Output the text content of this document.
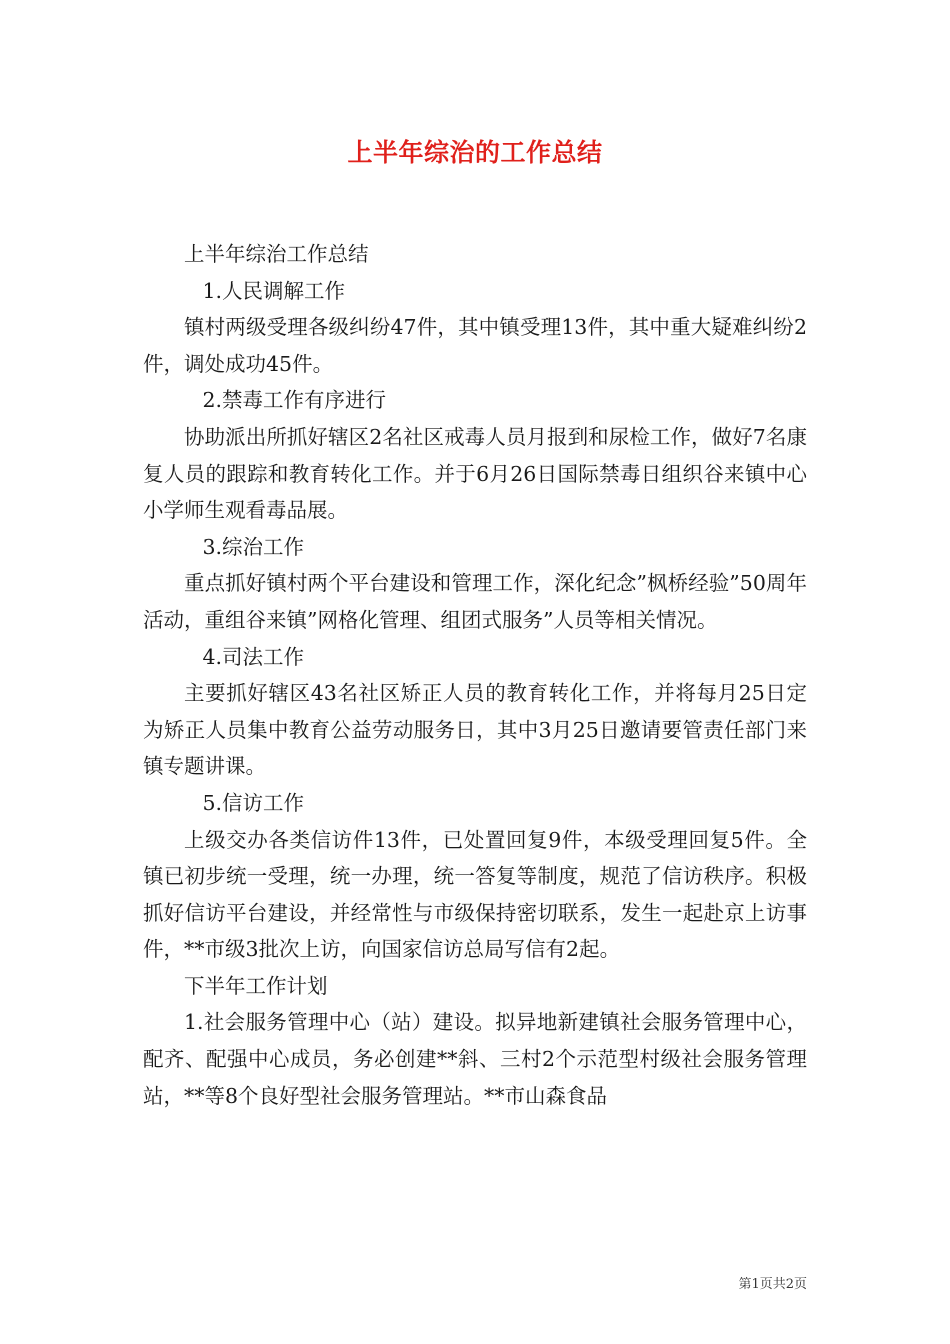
上半年综治的工作总结

上半年综治工作总结

1.人民调解工作

镇村两级受理各级纠纷47件，其中镇受理13件，其中重大疑难纠纷2件，调处成功45件。

2.禁毒工作有序进行

协助派出所抓好辖区2名社区戒毒人员月报到和尿检工作，做好7名康复人员的跟踪和教育转化工作。并于6月26日国际禁毒日组织谷来镇中心小学师生观看毒品展。

3.综治工作

重点抓好镇村两个平台建设和管理工作，深化纪念”枫桥经验”50周年活动，重组谷来镇”网格化管理、组团式服务”人员等相关情况。

4.司法工作

主要抓好辖区43名社区矫正人员的教育转化工作，并将每月25日定为矫正人员集中教育公益劳动服务日，其中3月25日邀请要管责任部门来镇专题讲课。

5.信访工作

上级交办各类信访件13件，已处置回复9件，本级受理回复5件。全镇已初步统一受理，统一办理，统一答复等制度，规范了信访秩序。积极抓好信访平台建设，并经常性与市级保持密切联系，发生一起赴京上访事件，**市级3批次上访，向国家信访总局写信有2起。

下半年工作计划

1.社会服务管理中心（站）建设。拟异地新建镇社会服务管理中心，配齐、配强中心成员，务必创建**斜、三村2个示范型村级社会服务管理站，**等8个良好型社会服务管理站。**市山森食品

第1页共2页
